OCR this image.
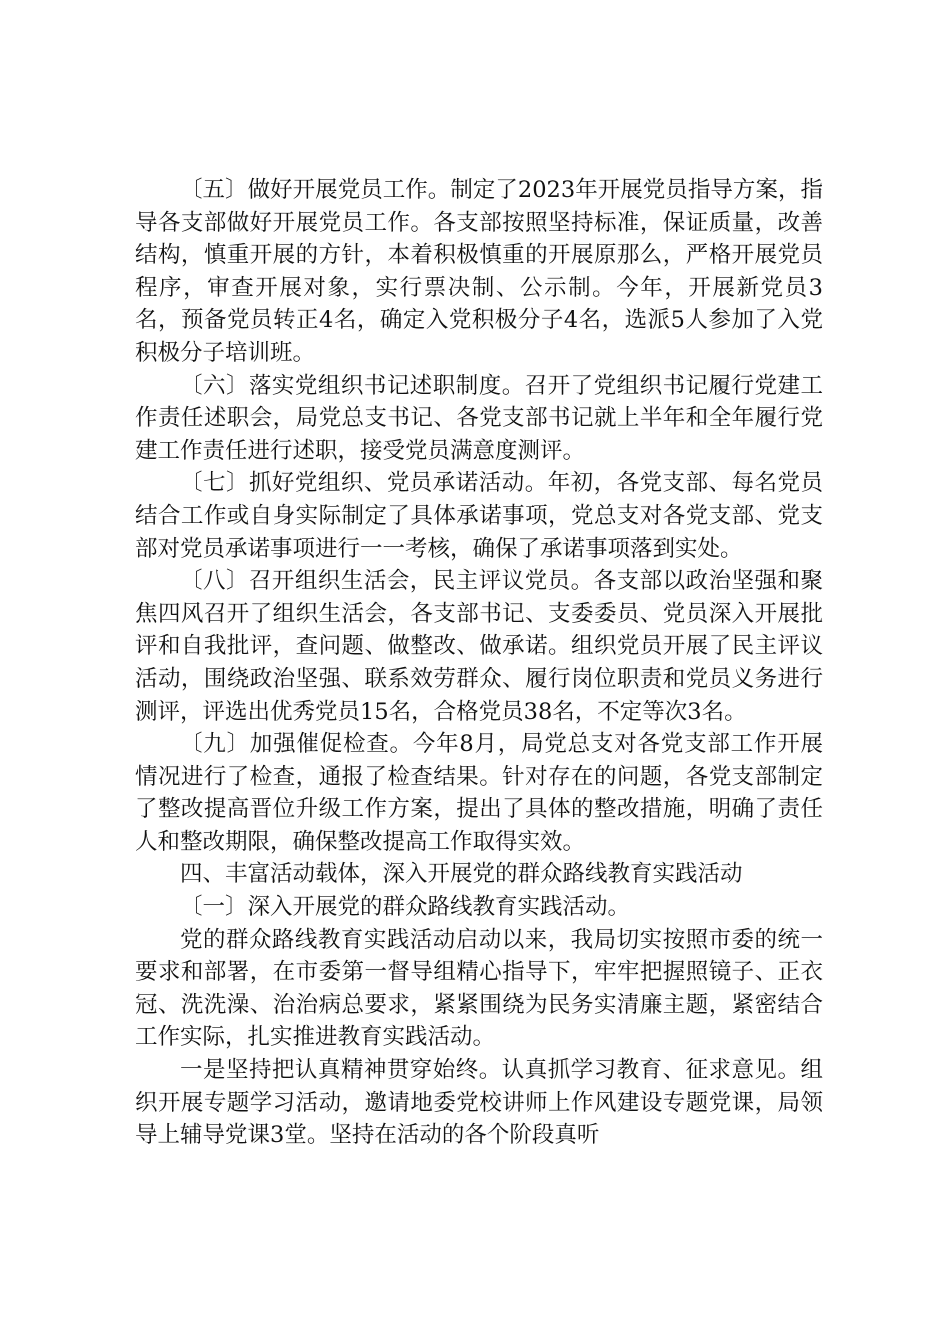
〔五〕做好开展党员工作。制定了2023年开展党员指导方案，指导各支部做好开展党员工作。各支部按照坚持标准，保证质量，改善结构，慎重开展的方针，本着积极慎重的开展原那么，严格开展党员程序，审查开展对象，实行票决制、公示制。今年，开展新党员3名，预备党员转正4名，确定入党积极分子4名，选派5人参加了入党积极分子培训班。

〔六〕落实党组织书记述职制度。召开了党组织书记履行党建工作责任述职会，局党总支书记、各党支部书记就上半年和全年履行党建工作责任进行述职，接受党员满意度测评。

〔七〕抓好党组织、党员承诺活动。年初，各党支部、每名党员结合工作或自身实际制定了具体承诺事项，党总支对各党支部、党支部对党员承诺事项进行一一考核，确保了承诺事项落到实处。

〔八〕召开组织生活会，民主评议党员。各支部以政治坚强和聚焦四风召开了组织生活会，各支部书记、支委委员、党员深入开展批评和自我批评，查问题、做整改、做承诺。组织党员开展了民主评议活动，围绕政治坚强、联系效劳群众、履行岗位职责和党员义务进行测评，评选出优秀党员15名，合格党员38名，不定等次3名。

〔九〕加强催促检查。今年8月，局党总支对各党支部工作开展情况进行了检查，通报了检查结果。针对存在的问题，各党支部制定了整改提高晋位升级工作方案，提出了具体的整改措施，明确了责任人和整改期限，确保整改提高工作取得实效。

四、丰富活动载体，深入开展党的群众路线教育实践活动

〔一〕深入开展党的群众路线教育实践活动。

党的群众路线教育实践活动启动以来，我局切实按照市委的统一要求和部署，在市委第一督导组精心指导下，牢牢把握照镜子、正衣冠、洗洗澡、治治病总要求，紧紧围绕为民务实清廉主题，紧密结合工作实际，扎实推进教育实践活动。

一是坚持把认真精神贯穿始终。认真抓学习教育、征求意见。组织开展专题学习活动，邀请地委党校讲师上作风建设专题党课，局领导上辅导党课3堂。坚持在活动的各个阶段真听
